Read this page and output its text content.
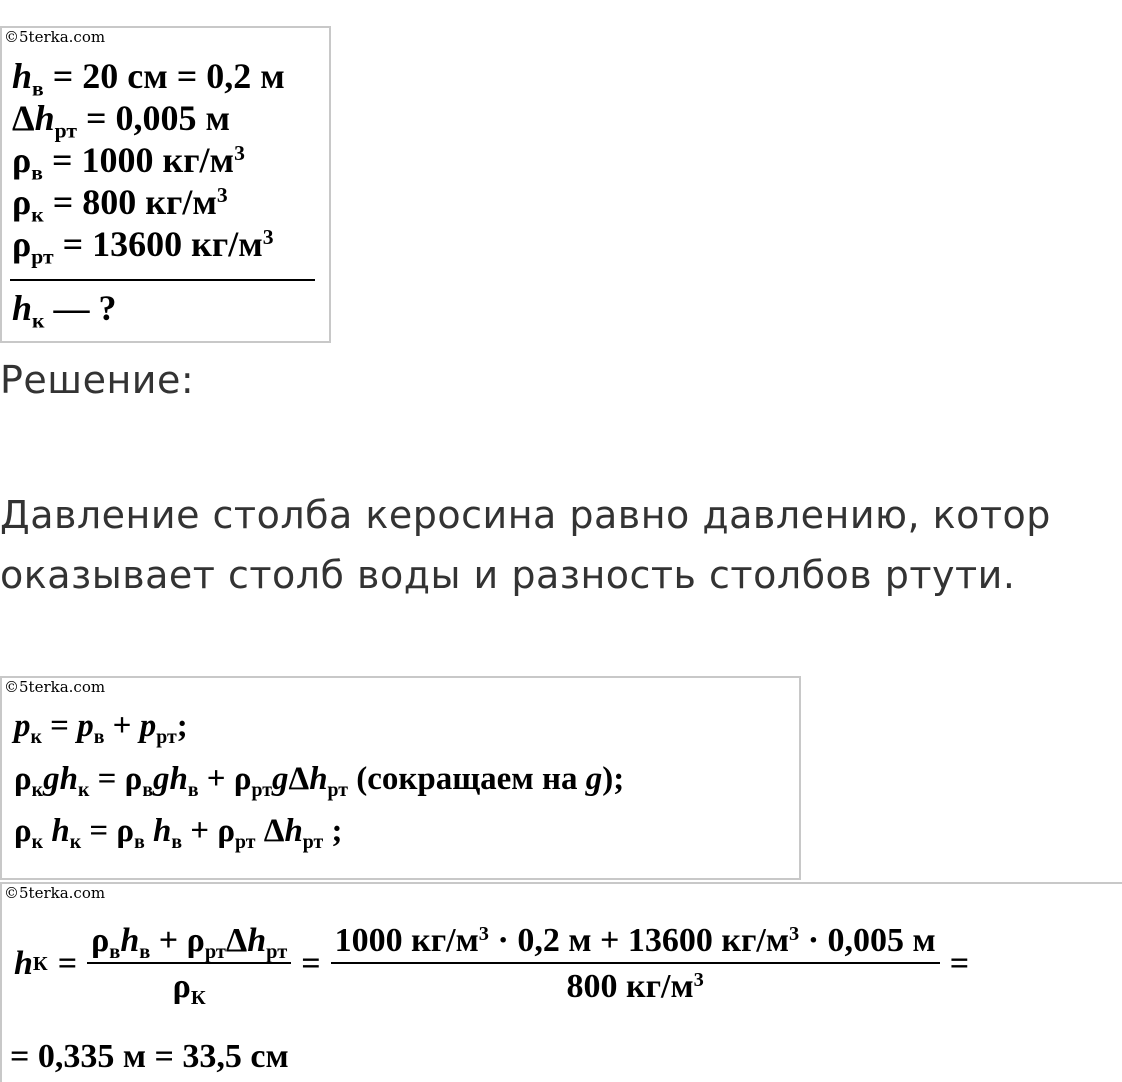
©5terka.com
$h_в = 20$ см = 0,2 м
$\Delta h_{рт} = 0,005$ м
$\rho_в = 1000$ $кг/м^3$
$\rho_к = 800$ $кг/м^3$
$\rho_{рт} = 13600$ $кг/м^3$
$h_к$ — ?
Решение:
Давление столба керосина равно давлению, котор
оказывает столб воды и разность столбов ртути.
©5terka.com
$p_к = p_в + p_{рт}$;
$\rho_кgh_к = \rho_вgh_в + \rho_{рт}g\Delta h_{рт}$ (сокращаем на g);
$\rho_к$ $h_к = \rho_в$ $h_в + \rho_{рт}$ $\Delta h_{рт}$ ;
©5terka.com
h $К = \frac{\rho_вh_в + \rho_{рт}\Delta h_{рт}}{\rho_К} = \frac{1000 кг/м^3 \cdot 0,2 м + 13600 кг/м^3 \cdot 0,005 м}{800 кг/м^3}$ =
= 0,335 м = 33,5 см
